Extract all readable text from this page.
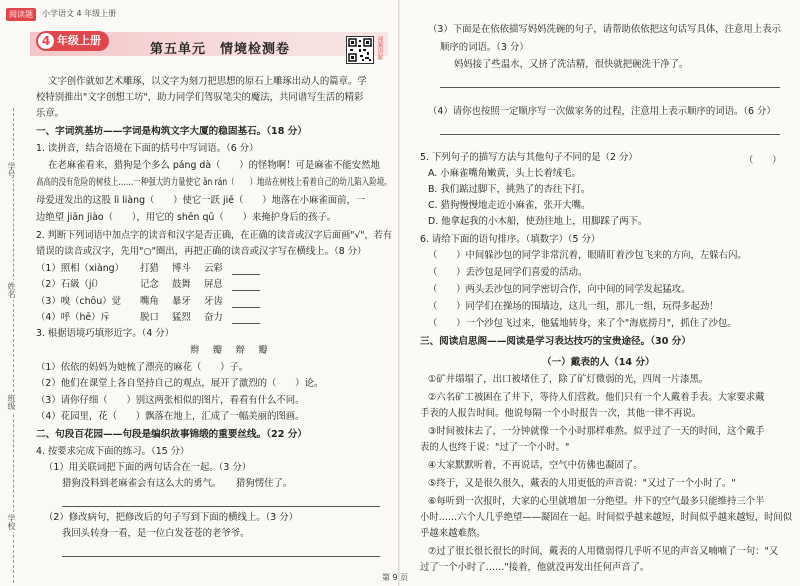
阅读题	小学语文 4 年级上册
4 年级上册
第五单元　情境检测卷	视频讲解
学号
姓名
班级
学校
文字创作就如艺术雕琢，以文字为刻刀把思想的原石上雕琢出动人的篇章。学
校特别推出"文字创想工坊"，助力同学们驾驭笔尖的魔法，共同谱写生活的精彩
乐章。
一、字词筑基坊——字词是构筑文字大厦的稳固基石。（18 分）
1. 读拼音，结合语境在下面的括号中写词语。（6 分）
在老麻雀看来，猎狗是个多么 páng dà（　　）的怪物啊！可是麻雀不能安然地
高高的没有危险的树枝上……一种强大的力量使它 ān rán（　　）地站在树枝上看着自己的幼儿陷入险境。
母爱迸发出的这股 lì liàng（　　）使它一跃 jiē（　　）地落在小麻雀面前，一
边绝望 jiān jiào（　　），用它的 shēn qū（　　）来掩护身后的孩子。
2. 判断下列词语中加点字的读音和汉字是否正确，在正确的读音或汉字后面画"√"，若有
错误的读音或汉字，先用"○"圈出，再把正确的读音或汉字写在横线上。（8 分）
（1）照相（xiàng） 打猎 博斗 云彩
（2）石級（jí）	记念 鼓舞 屏息
（3）嗅（chōu）觉 嘴角 暴牙 牙齿
（4）呼（hē）斥	脱口 猛烈 奋力
3. 根据语境巧填形近字。（4 分）
辫　瓣　辩　瓣
（1）依依的妈妈为她梳了漂亮的麻花（　　）子。
（2）他们在课堂上各自坚持自己的观点，展开了激烈的（　　）论。
（3）请你仔细（　　）别这两张相似的图片，看看有什么不同。
（4）花园里，花（　　）飘落在地上，汇成了一幅美丽的图画。
二、句段百花园——句段是编织故事锦缎的重要丝线。（22 分）
4. 按要求完成下面的练习。（15 分）
（1）用关联词把下面的两句话合在一起。（3 分）
猎狗没料到老麻雀会有这么大的勇气。 猎狗愣住了。
（2）修改病句，把修改后的句子写到下面的横线上。（3 分）
我回头转身一看，是一位白发苍苍的老爷爷。
（3）下面是在依依描写妈妈洗碗的句子，请帮助依依把这句话写具体，注意用上表示
顺序的词语。（3 分）
妈妈接了些温水，又挤了洗洁精，很快就把碗洗干净了。
（4）请你也按照一定顺序写一次做家务的过程，注意用上表示顺序的词语。（6 分）
5. 下列句子的描写方法与其他句子不同的是（2 分）	（　　）
A. 小麻雀嘴角嫩黄，头上长着绒毛。
B. 我们踮过脚下，挑熟了的杏往下打。
C. 猎狗慢慢地走近小麻雀，张开大嘴。
D. 他拿起我的小木船，使劲往地上，用脚踩了两下。
6. 请给下面的语句排序。（填数字）（5 分）
（　　）中间躲沙包的同学非常沉着，眼睛盯着沙包飞来的方向，左躲右闪。
（　　）丢沙包是同学们喜爱的活动。
（　　）两头丢沙包的同学密切合作，向中间的同学发起猛攻。
（　　）同学们在操场的围墙边，这儿一组，那儿一组，玩得多起劲！
（　　）一个沙包飞过来，他猛地转身，来了个"海底捞月"，抓住了沙包。
三、阅读启思阁——阅读是学习表达技巧的宝贵途径。（30 分）
（一）戴表的人（14 分）
①矿井塌塌了，出口被堵住了，除了矿灯微弱的光，四周一片漆黑。
②六名矿工被困在了井下，等待人们营救。他们只有一个人戴着手表。大家要求戴
手表的人报告时间。他说每隔一个小时报告一次，其他一律不再说。
③时间被抹去了，一分钟就像一个小时那样难熬。似乎过了一天的时间，这个戴手
表的人也终于说："过了一个小时。"
④大家默默听着，不再说话，空气中仿佛也凝固了。
⑤终于，又是很久很久，戴表的人用更低的声音说："又过了一个小时了。"
⑥每听到一次报时，大家的心里就增加一分绝望。井下的空气最多只能维持三个半
小时……六个人几乎绝望——凝固在一起。时间似乎越来越短，时间似乎越来越短，时间似
乎越来越难熬。
⑦过了很长很长很长的时间，戴表的人用微弱得几乎听不见的声音又喃喃了一句："又
过了一个小时了……"接着，他就没再发出任何声音了。
第 9 页
